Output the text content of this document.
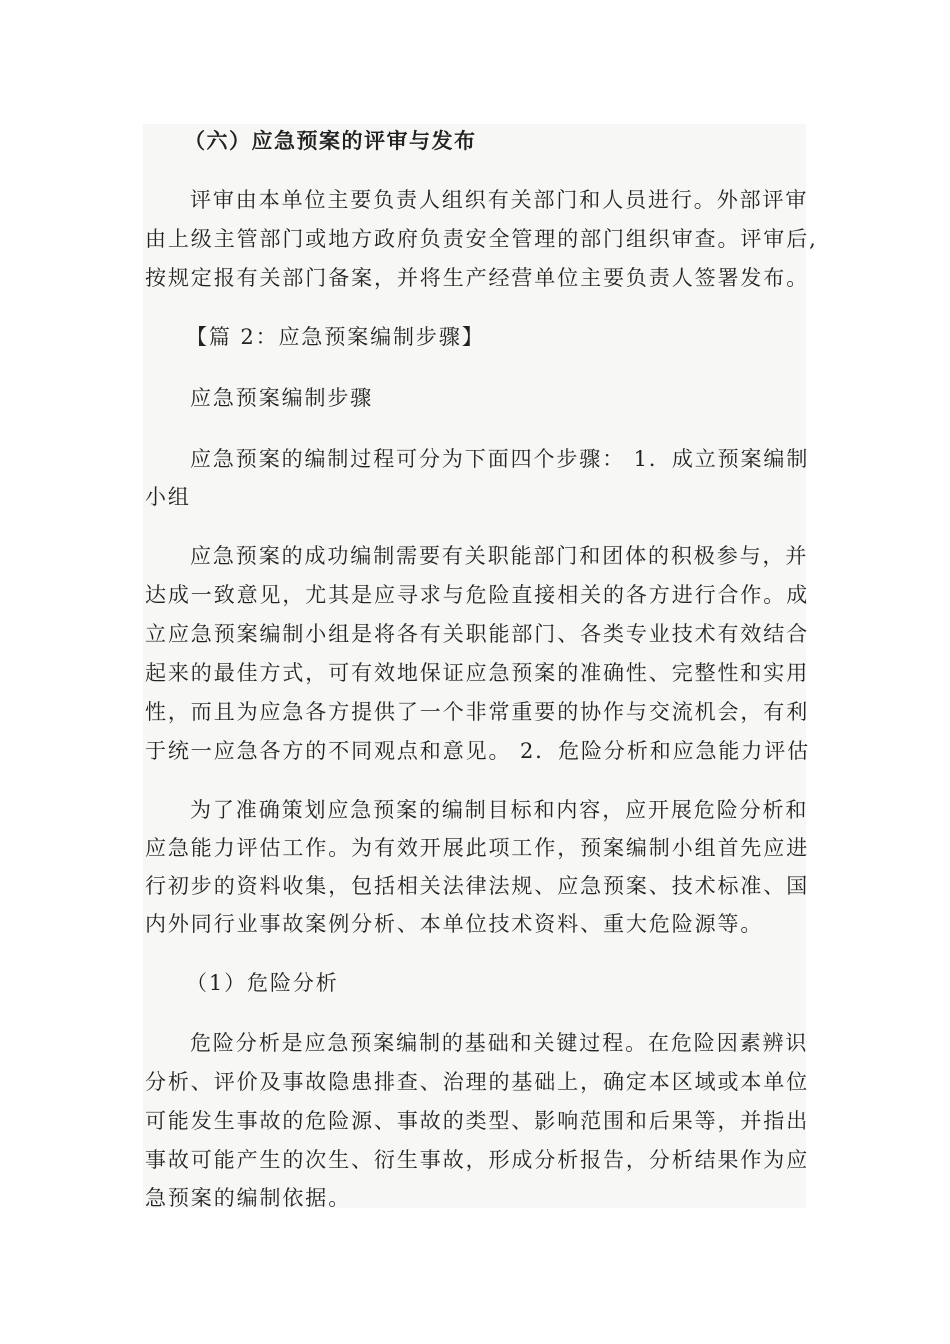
（六）应急预案的评审与发布
评审由本单位主要负责人组织有关部门和人员进行。外部评审
由上级主管部门或地方政府负责安全管理的部门组织审查。评审后,
按规定报有关部门备案，并将生产经营单位主要负责人签署发布。
【篇 2：应急预案编制步骤】
应急预案编制步骤
应急预案的编制过程可分为下面四个步骤： 1．成立预案编制
小组
应急预案的成功编制需要有关职能部门和团体的积极参与，并
达成一致意见，尤其是应寻求与危险直接相关的各方进行合作。成
立应急预案编制小组是将各有关职能部门、各类专业技术有效结合
起来的最佳方式，可有效地保证应急预案的准确性、完整性和实用
性，而且为应急各方提供了一个非常重要的协作与交流机会，有利
于统一应急各方的不同观点和意见。 2．危险分析和应急能力评估
为了准确策划应急预案的编制目标和内容，应开展危险分析和
应急能力评估工作。为有效开展此项工作，预案编制小组首先应进
行初步的资料收集，包括相关法律法规、应急预案、技术标准、国
内外同行业事故案例分析、本单位技术资料、重大危险源等。
（1）危险分析
危险分析是应急预案编制的基础和关键过程。在危险因素辨识
分析、评价及事故隐患排查、治理的基础上，确定本区域或本单位
可能发生事故的危险源、事故的类型、影响范围和后果等，并指出
事故可能产生的次生、衍生事故，形成分析报告，分析结果作为应
急预案的编制依据。
